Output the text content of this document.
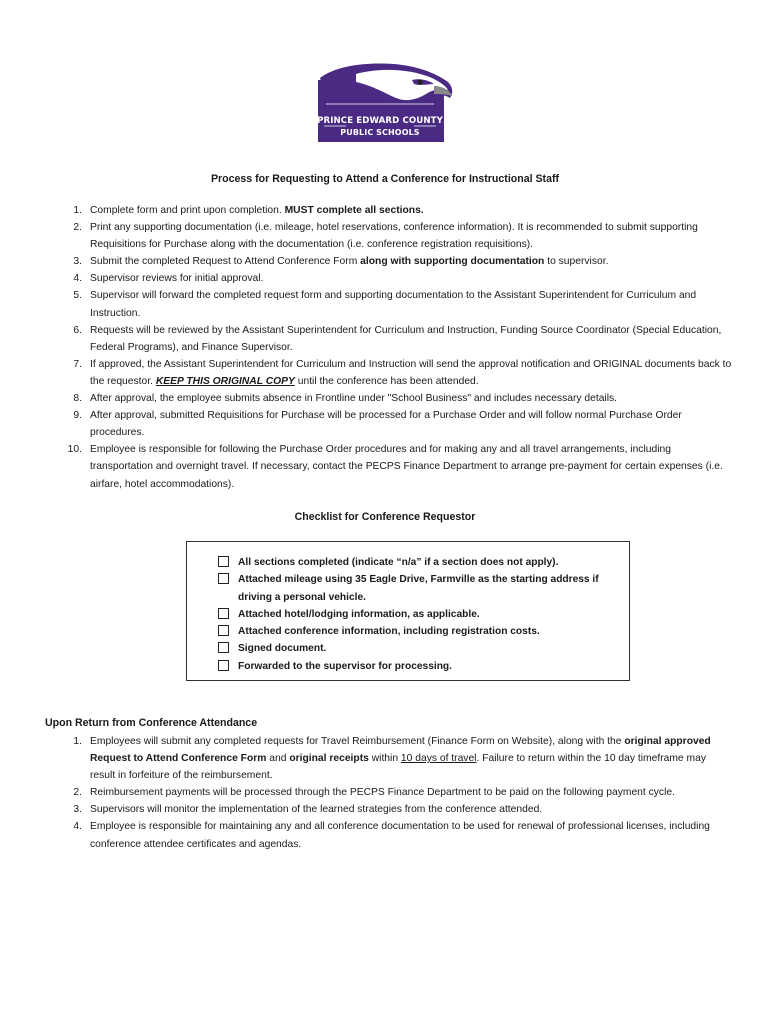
PRINCE EDWARD COUNTY
PUBLIC SCHOOLS
Process for Requesting to Attend a Conference for Instructional Staff
1. Complete form and print upon completion. MUST complete all sections.
2. Print any supporting documentation (i.e. mileage, hotel reservations, conference information). It is recommended to submit supporting Requisitions for Purchase along with the documentation (i.e. conference registration requisitions).
3. Submit the completed Request to Attend Conference Form along with supporting documentation to supervisor.
4. Supervisor reviews for initial approval.
5. Supervisor will forward the completed request form and supporting documentation to the Assistant Superintendent for Curriculum and Instruction.
6. Requests will be reviewed by the Assistant Superintendent for Curriculum and Instruction, Funding Source Coordinator (Special Education, Federal Programs), and Finance Supervisor.
7. If approved, the Assistant Superintendent for Curriculum and Instruction will send the approval notification and ORIGINAL documents back to the requestor. KEEP THIS ORIGINAL COPY until the conference has been attended.
8. After approval, the employee submits absence in Frontline under "School Business" and includes necessary details.
9. After approval, submitted Requisitions for Purchase will be processed for a Purchase Order and will follow normal Purchase Order procedures.
10. Employee is responsible for following the Purchase Order procedures and for making any and all travel arrangements, including transportation and overnight travel. If necessary, contact the PECPS Finance Department to arrange pre-payment for certain expenses (i.e. airfare, hotel accommodations).
Checklist for Conference Requestor
All sections completed (indicate “n/a” if a section does not apply).
Attached mileage using 35 Eagle Drive, Farmville as the starting address if driving a personal vehicle.
Attached hotel/lodging information, as applicable.
Attached conference information, including registration costs.
Signed document.
Forwarded to the supervisor for processing.
Upon Return from Conference Attendance
1. Employees will submit any completed requests for Travel Reimbursement (Finance Form on Website), along with the original approved Request to Attend Conference Form and original receipts within 10 days of travel. Failure to return within the 10 day timeframe may result in forfeiture of the reimbursement.
2. Reimbursement payments will be processed through the PECPS Finance Department to be paid on the following payment cycle.
3. Supervisors will monitor the implementation of the learned strategies from the conference attended.
4. Employee is responsible for maintaining any and all conference documentation to be used for renewal of professional licenses, including conference attendee certificates and agendas.
